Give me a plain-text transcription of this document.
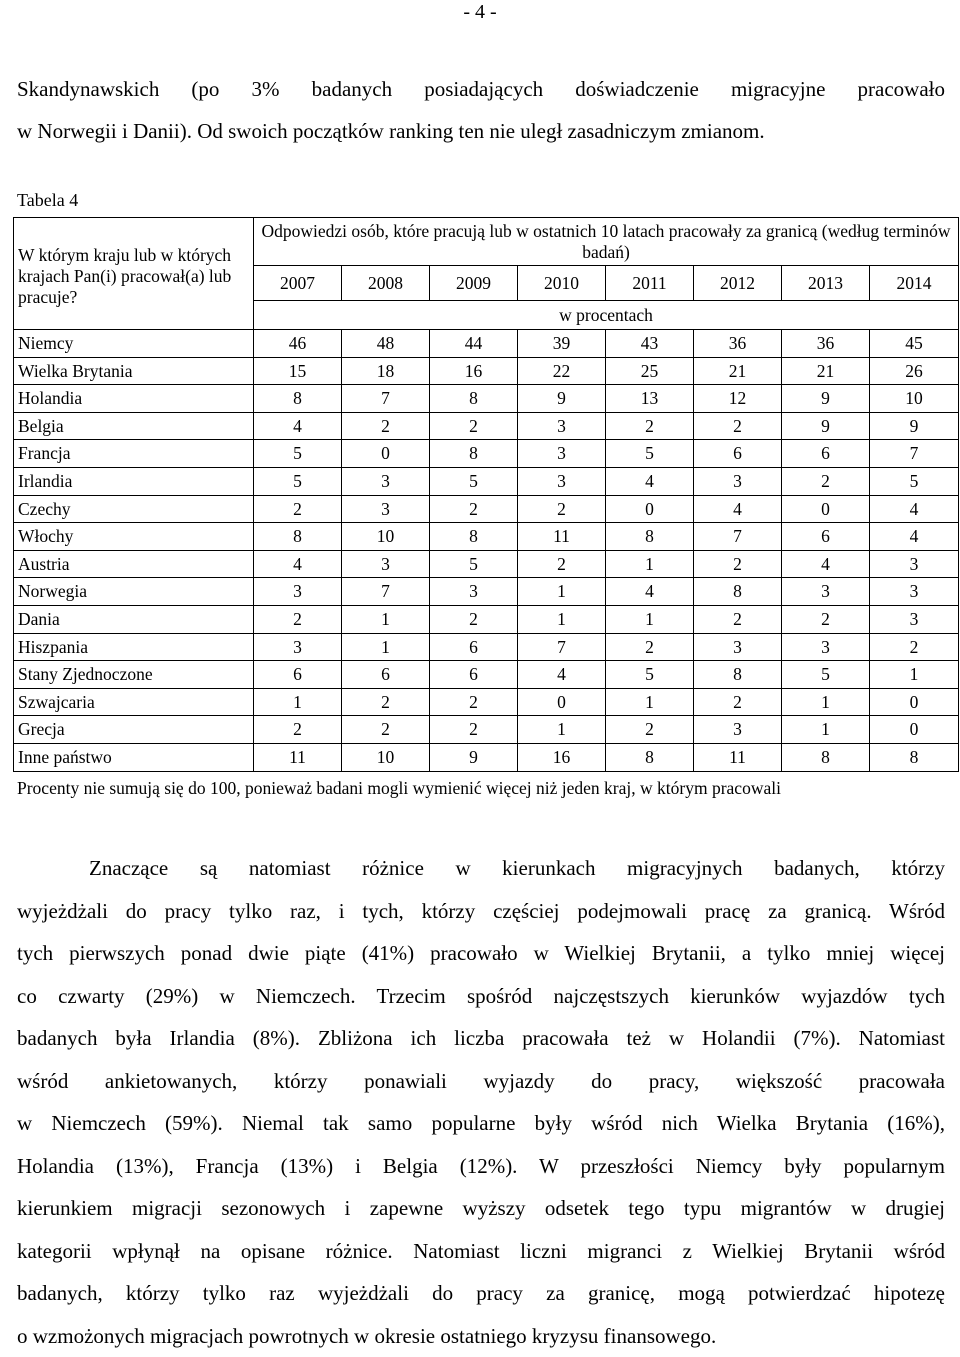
- 4 -
Skandynawskich (po 3% badanych posiadających doświadczenie migracyjne pracowało
w Norwegii i Danii). Od swoich początków ranking ten nie uległ zasadniczym zmianom.
Tabela 4
W którym kraju lub w których krajach Pan(i) pracował(a) lub pracuje?	Odpowiedzi osób, które pracują lub w ostatnich 10 latach pracowały za granicą (według terminów badań)							
	2007	2008	2009	2010	2011	2012	2013	2014
	w procentach							
Niemcy	46	48	44	39	43	36	36	45
Wielka Brytania	15	18	16	22	25	21	21	26
Holandia	8	7	8	9	13	12	9	10
Belgia	4	2	2	3	2	2	9	9
Francja	5	0	8	3	5	6	6	7
Irlandia	5	3	5	3	4	3	2	5
Czechy	2	3	2	2	0	4	0	4
Włochy	8	10	8	11	8	7	6	4
Austria	4	3	5	2	1	2	4	3
Norwegia	3	7	3	1	4	8	3	3
Dania	2	1	2	1	1	2	2	3
Hiszpania	3	1	6	7	2	3	3	2
Stany Zjednoczone	6	6	6	4	5	8	5	1
Szwajcaria	1	2	2	0	1	2	1	0
Grecja	2	2	2	1	2	3	1	0
Inne państwo	11	10	9	16	8	11	8	8
Procenty nie sumują się do 100, ponieważ badani mogli wymienić więcej niż jeden kraj, w którym pracowali
Znaczące są natomiast różnice w kierunkach migracyjnych badanych, którzy
wyjeżdżali do pracy tylko raz, i tych, którzy częściej podejmowali pracę za granicą. Wśród
tych pierwszych ponad dwie piąte (41%) pracowało w Wielkiej Brytanii, a tylko mniej więcej
co czwarty (29%) w Niemczech. Trzecim spośród najczęstszych kierunków wyjazdów tych
badanych była Irlandia (8%). Zbliżona ich liczba pracowała też w Holandii (7%). Natomiast
wśród ankietowanych, którzy ponawiali wyjazdy do pracy, większość pracowała
w Niemczech (59%). Niemal tak samo popularne były wśród nich Wielka Brytania (16%),
Holandia (13%), Francja (13%) i Belgia (12%). W przeszłości Niemcy były popularnym
kierunkiem migracji sezonowych i zapewne wyższy odsetek tego typu migrantów w drugiej
kategorii wpłynął na opisane różnice. Natomiast liczni migranci z Wielkiej Brytanii wśród
badanych, którzy tylko raz wyjeżdżali do pracy za granicę, mogą potwierdzać hipotezę
o wzmożonych migracjach powrotnych w okresie ostatniego kryzysu finansowego.
